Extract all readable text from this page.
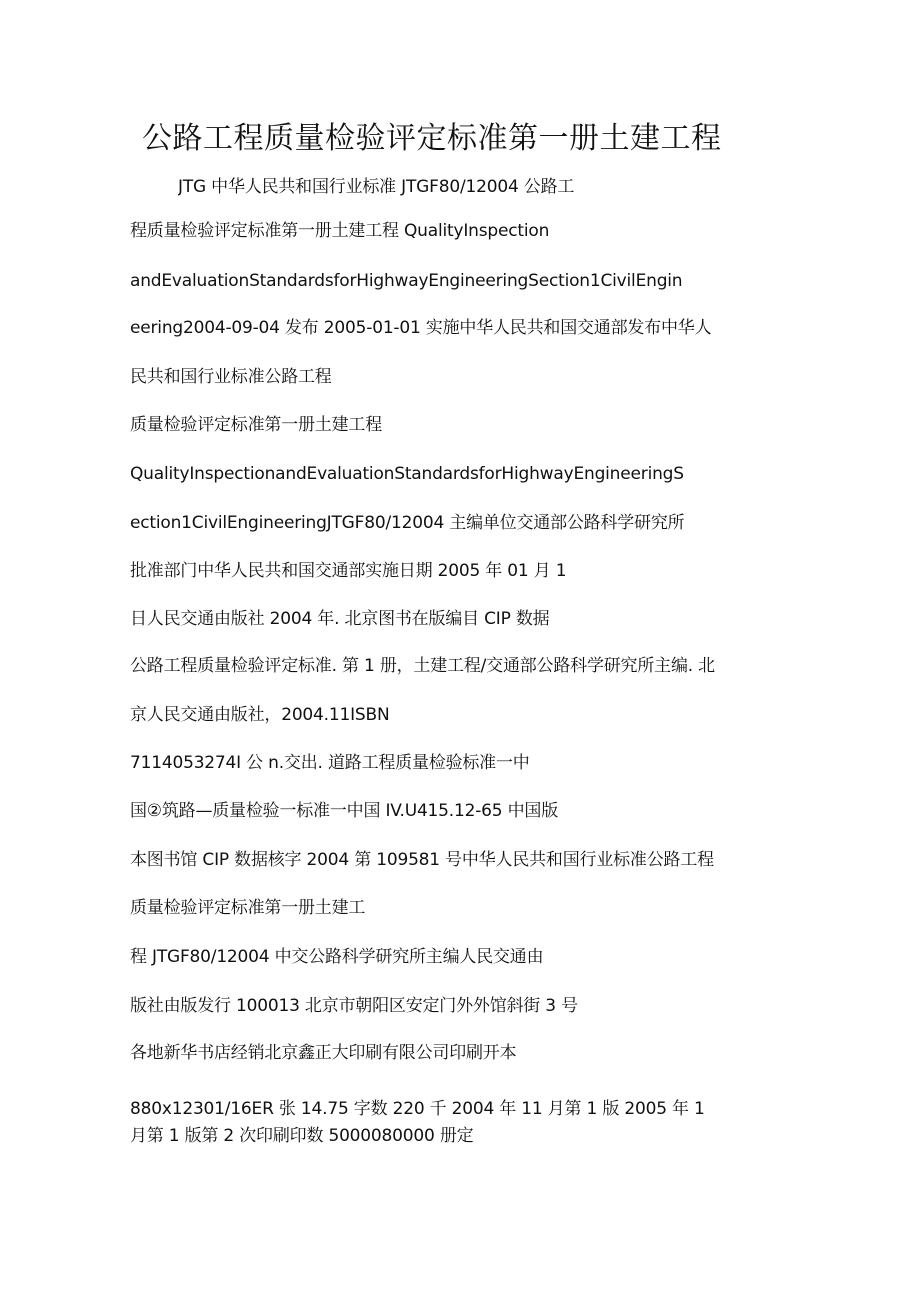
公路工程质量检验评定标准第一册土建工程
JTG 中华人民共和国行业标准 JTGF80/12004 公路工
程质量检验评定标准第一册土建工程 QualityInspection
andEvaluationStandardsforHighwayEngineeringSection1CivilEngin
eering2004-09-04 发布 2005-01-01 实施中华人民共和国交通部发布中华人
民共和国行业标准公路工程
质量检验评定标准第一册土建工程
QualityInspectionandEvaluationStandardsforHighwayEngineeringS
ection1CivilEngineeringJTGF80/12004 主编单位交通部公路科学研究所
批准部门中华人民共和国交通部实施日期 2005 年 01 月 1
日人民交通由版社 2004 年. 北京图书在版编目 CIP 数据
公路工程质量检验评定标准. 第 1 册，土建工程/交通部公路科学研究所主编. 北
京人民交通由版社，2004.11ISBN
7114053274I 公 n.交出. 道路工程质量检验标准一中
国②筑路—质量检验一标准一中国 IV.U415.12-65 中国版
本图书馆 CIP 数据核字 2004 第 109581 号中华人民共和国行业标准公路工程
质量检验评定标准第一册土建工
程 JTGF80/12004 中交公路科学研究所主编人民交通由
版社由版发行 100013 北京市朝阳区安定门外外馆斜街 3 号
各地新华书店经销北京鑫正大印刷有限公司印刷开本
880x12301/16ER 张 14.75 字数 220 千 2004 年 11 月第 1 版 2005 年 1
月第 1 版第 2 次印刷印数 5000080000 册定
